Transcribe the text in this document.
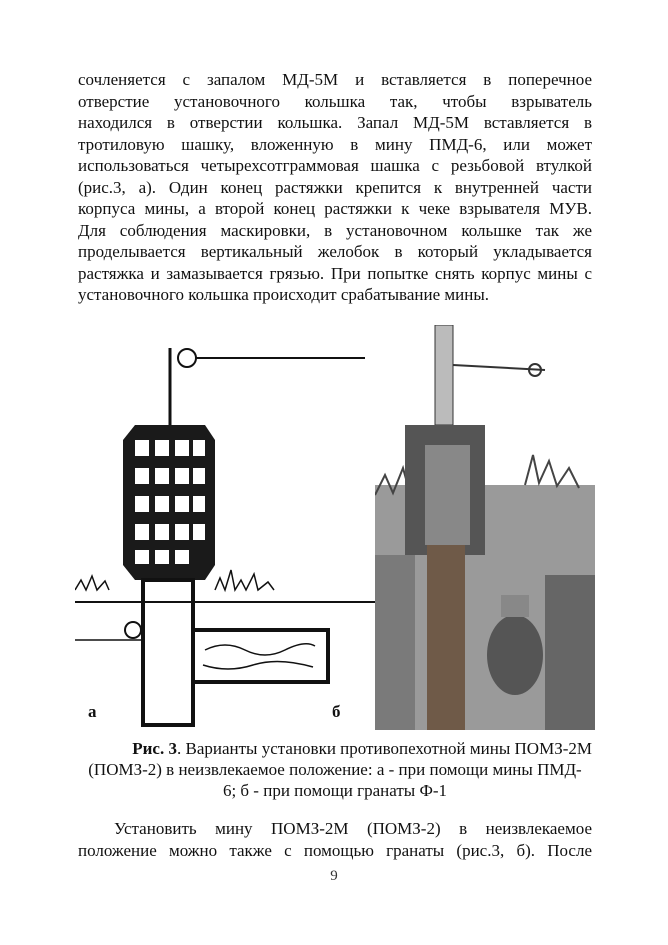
сочленяется с запалом МД-5М и вставляется в поперечное
отверстие установочного кольшка так, чтобы взрыватель
находился в отверстии кольшка. Запал МД-5М вставляется в
тротиловую шашку, вложенную в мину ПМД-6, или может
использоваться четырехсотграммовая шашка с резьбовой втулкой
(рис.3, а). Один конец растяжки крепится к внутренней части
корпуса мины, а второй конец растяжки к чеке взрывателя МУВ.
Для соблюдения маскировки, в установочном кольшке так же
проделывается вертикальный желобок в который укладывается
растяжка и замазывается грязью. При попытке снять корпус мины с
установочного кольшка происходит срабатывание мины.
а	б
Рис. 3. Варианты установки противопехотной мины ПОМЗ-2М
(ПОМЗ-2) в неизвлекаемое положение: а - при помощи мины ПМД-
6; б - при помощи гранаты Ф-1
Установить мину ПОМЗ-2М (ПОМЗ-2) в неизвлекаемое
положение можно также с помощью гранаты (рис.3, б). После
9
